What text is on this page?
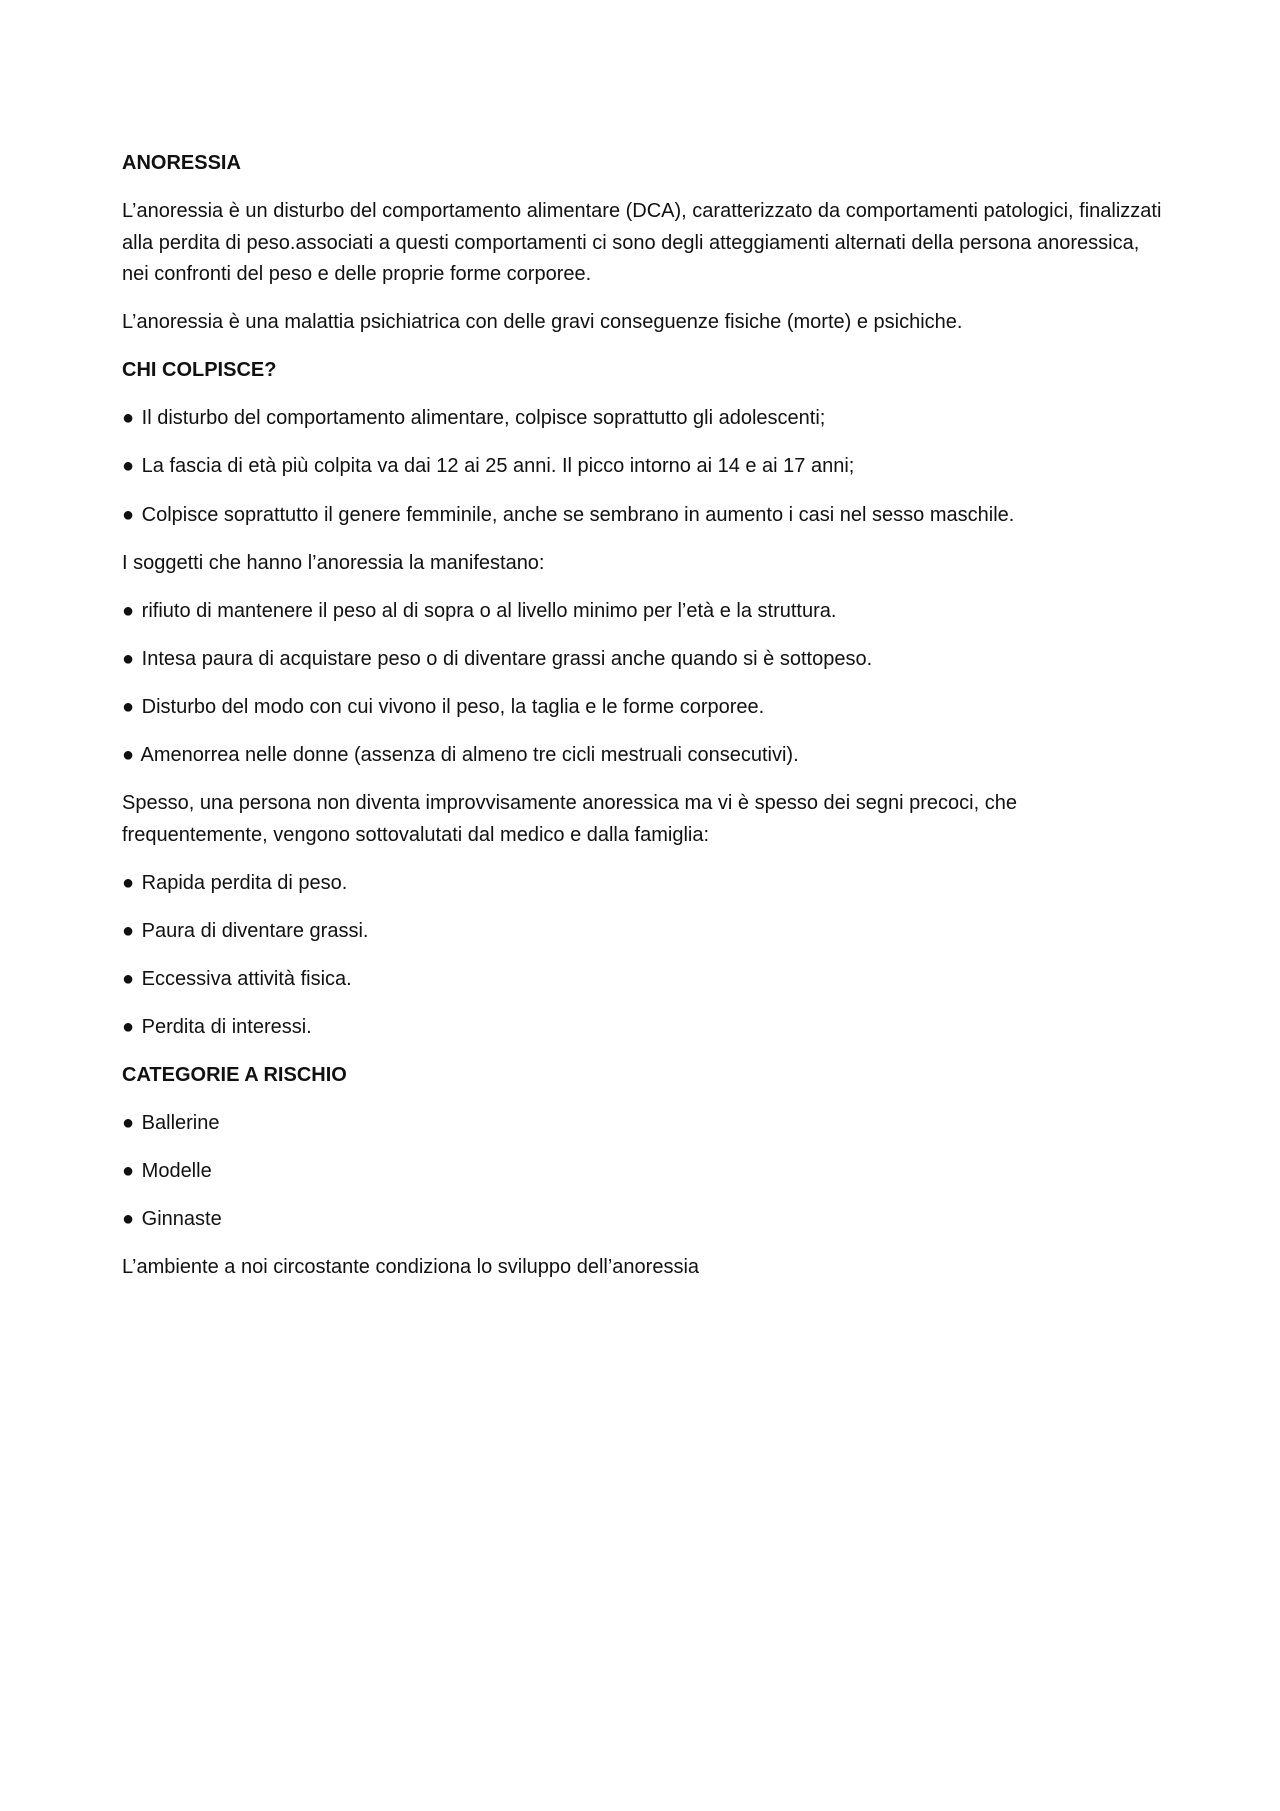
ANORESSIA

L’anoressia è un disturbo del comportamento alimentare (DCA), caratterizzato da comportamenti patologici, finalizzati alla perdita di peso.associati a questi comportamenti ci sono degli atteggiamenti alternati della persona anoressica, nei confronti del peso e delle proprie forme corporee.

L’anoressia è una malattia psichiatrica con delle gravi conseguenze fisiche (morte) e psichiche.

CHI COLPISCE?

● Il disturbo del comportamento alimentare, colpisce soprattutto gli adolescenti;

● La fascia di età più colpita va dai 12 ai 25 anni. Il picco intorno ai 14 e ai 17 anni;

● Colpisce soprattutto il genere femminile, anche se sembrano in aumento i casi nel sesso maschile.

I soggetti che hanno l’anoressia la manifestano:

● rifiuto di mantenere il peso al di sopra o al livello minimo per l’età e la struttura.

● Intesa paura di acquistare peso o di diventare grassi anche quando si è sottopeso.

● Disturbo del modo con cui vivono il peso, la taglia e le forme corporee.

● Amenorrea nelle donne (assenza di almeno tre cicli mestruali consecutivi).

Spesso, una persona non diventa improvvisamente anoressica ma vi è spesso dei segni precoci, che frequentemente, vengono sottovalutati dal medico e dalla famiglia:

● Rapida perdita di peso.

● Paura di diventare grassi.

● Eccessiva attività fisica.

● Perdita di interessi.

CATEGORIE A RISCHIO

● Ballerine

● Modelle

● Ginnaste

L’ambiente a noi circostante condiziona lo sviluppo dell’anoressia
